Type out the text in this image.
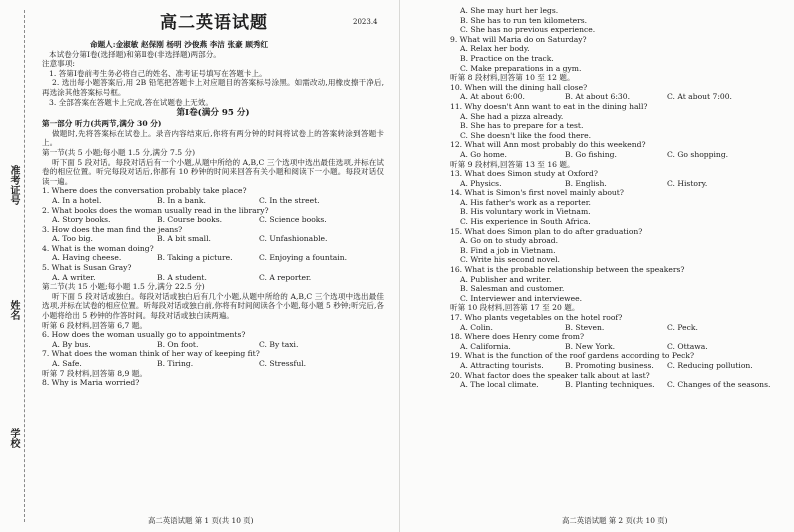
准考证号
姓名
学校
高二英语试题	2023.4
命题人:金淑敏 赵保刚 杨明 沙俊燕 李洁 张豪 顾秀红
本试卷分第Ⅰ卷(选择题)和第Ⅱ卷(非选择题)两部分。
注意事项:
1. 答第Ⅰ卷前考生务必将自己的姓名、准考证号填写在答题卡上。
2. 选出每小题答案后,用 2B 铅笔把答题卡上对应题目的答案标号涂黑。如需改动,用橡皮擦干净后,再选涂其他答案标号框。
3. 全部答案在答题卡上完成,答在试题卷上无效。
第Ⅰ卷(满分 95 分)
第一部分 听力(共两节,满分 30 分)
做题时,先将答案标在试卷上。录音内容结束后,你将有两分钟的时间将试卷上的答案转涂到答题卡上。
第一节(共 5 小题;每小题 1.5 分,满分 7.5 分)
听下面 5 段对话。每段对话后有一个小题,从题中所给的 A,B,C 三个选项中选出最佳选项,并标在试卷的相应位置。听完每段对话后,你都有 10 秒钟的时间来回答有关小题和阅读下一小题。每段对话仅读一遍。
1. Where does the conversation probably take place?
A. In a hotel.	B. In a bank.	C. In the street.
2. What books does the woman usually read in the library?
A. Story books.	B. Course books.	C. Science books.
3. How does the man find the jeans?
A. Too big.	B. A bit small.	C. Unfashionable.
4. What is the woman doing?
A. Having cheese.	B. Taking a picture.	C. Enjoying a fountain.
5. What is Susan Gray?
A. A writer.	B. A student.	C. A reporter.
第二节(共 15 小题;每小题 1.5 分,满分 22.5 分)
听下面 5 段对话或独白。每段对话或独白后有几个小题,从题中所给的 A,B,C 三个选项中选出最佳选项,并标在试卷的相应位置。听每段对话或独白前,你将有时间阅读各个小题,每小题 5 秒钟;听完后,各小题将给出 5 秒钟的作答时间。每段对话或独白读两遍。
听第 6 段材料,回答第 6,7 题。
6. How does the woman usually go to appointments?
A. By bus.	B. On foot.	C. By taxi.
7. What does the woman think of her way of keeping fit?
A. Safe.	B. Tiring.	C. Stressful.
听第 7 段材料,回答第 8,9 题。
8. Why is Maria worried?
高二英语试题 第 1 页(共 10 页)
A. She may hurt her legs.
B. She has to run ten kilometers.
C. She has no previous experience.
9. What will Maria do on Saturday?
A. Relax her body.
B. Practice on the track.
C. Make preparations in a gym.
听第 8 段材料,回答第 10 至 12 题。
10. When will the dining hall close?
A. At about 6:00.	B. At about 6:30.	C. At about 7:00.
11. Why doesn't Ann want to eat in the dining hall?
A. She had a pizza already.
B. She has to prepare for a test.
C. She doesn't like the food there.
12. What will Ann most probably do this weekend?
A. Go home.	B. Go fishing.	C. Go shopping.
听第 9 段材料,回答第 13 至 16 题。
13. What does Simon study at Oxford?
A. Physics.	B. English.	C. History.
14. What is Simon's first novel mainly about?
A. His father's work as a reporter.
B. His voluntary work in Vietnam.
C. His experience in South Africa.
15. What does Simon plan to do after graduation?
A. Go on to study abroad.
B. Find a job in Vietnam.
C. Write his second novel.
16. What is the probable relationship between the speakers?
A. Publisher and writer.
B. Salesman and customer.
C. Interviewer and interviewee.
听第 10 段材料,回答第 17 至 20 题。
17. Who plants vegetables on the hotel roof?
A. Colin.	B. Steven.	C. Peck.
18. Where does Henry come from?
A. California.	B. New York.	C. Ottawa.
19. What is the function of the roof gardens according to Peck?
A. Attracting tourists.	B. Promoting business.	C. Reducing pollution.
20. What factor does the speaker talk about at last?
A. The local climate.	B. Planting techniques.	C. Changes of the seasons.
高二英语试题 第 2 页(共 10 页)
